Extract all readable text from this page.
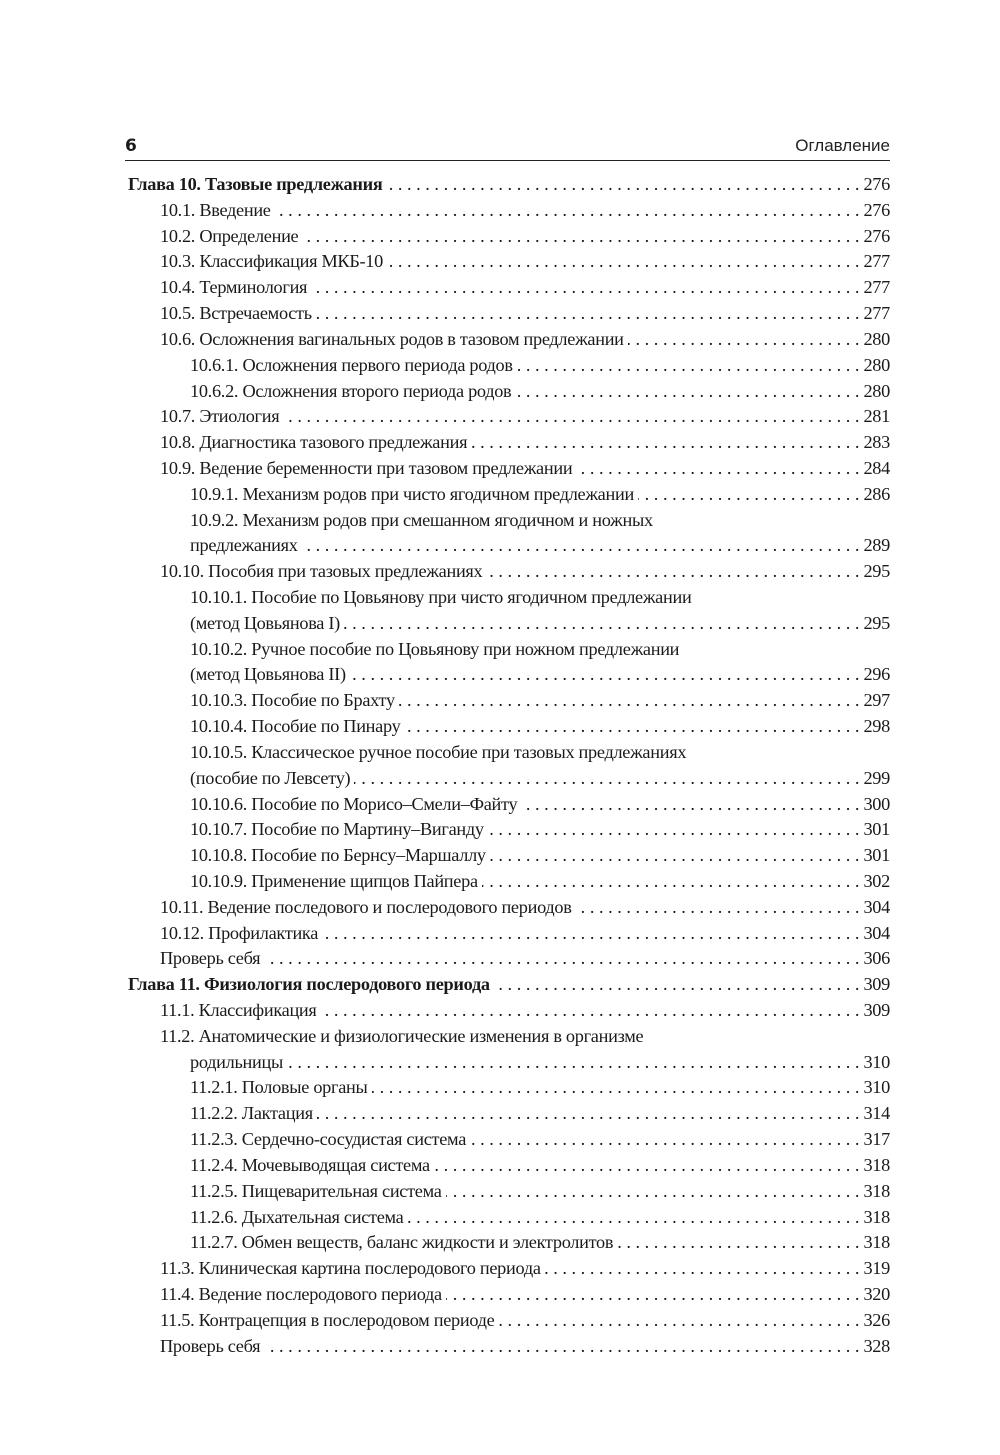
6	Оглавление
Глава 10. Тазовые предлежания . . .	276
10.1. Введение . . .	276
10.2. Определение . . .	276
10.3. Классификация МКБ-10 . . .	277
10.4. Терминология . . .	277
10.5. Встречаемость . . .	277
10.6. Осложнения вагинальных родов в тазовом предлежании . . .	280
10.6.1. Осложнения первого периода родов . . .	280
10.6.2. Осложнения второго периода родов . . .	280
10.7. Этиология . . .	281
10.8. Диагностика тазового предлежания . . .	283
10.9. Ведение беременности при тазовом предлежании . . .	284
10.9.1. Механизм родов при чисто ягодичном предлежании . . .	286
10.9.2. Механизм родов при смешанном ягодичном и ножных
предлежаниях . . .	289
10.10. Пособия при тазовых предлежаниях . . .	295
10.10.1. Пособие по Цовьянову при чисто ягодичном предлежании
(метод Цовьянова I) . . .	295
10.10.2. Ручное пособие по Цовьянову при ножном предлежании
(метод Цовьянова II) . . .	296
10.10.3. Пособие по Брахту . . .	297
10.10.4. Пособие по Пинару . . .	298
10.10.5. Классическое ручное пособие при тазовых предлежаниях
(пособие по Левсету) . . .	299
10.10.6. Пособие по Морисо–Смели–Файту . . .	300
10.10.7. Пособие по Мартину–Виганду . . .	301
10.10.8. Пособие по Бернсу–Маршаллу . . .	301
10.10.9. Применение щипцов Пайпера . . .	302
10.11. Ведение последового и послеродового периодов . . .	304
10.12. Профилактика . . .	304
Проверь себя . . .	306
Глава 11. Физиология послеродового периода . . .	309
11.1. Классификация . . .	309
11.2. Анатомические и физиологические изменения в организме
родильницы . . .	310
11.2.1. Половые органы . . .	310
11.2.2. Лактация . . .	314
11.2.3. Сердечно-сосудистая система . . .	317
11.2.4. Мочевыводящая система . . .	318
11.2.5. Пищеварительная система . . .	318
11.2.6. Дыхательная система . . .	318
11.2.7. Обмен веществ, баланс жидкости и электролитов . . .	318
11.3. Клиническая картина послеродового периода . . .	319
11.4. Ведение послеродового периода . . .	320
11.5. Контрацепция в послеродовом периоде . . .	326
Проверь себя . . .	328
